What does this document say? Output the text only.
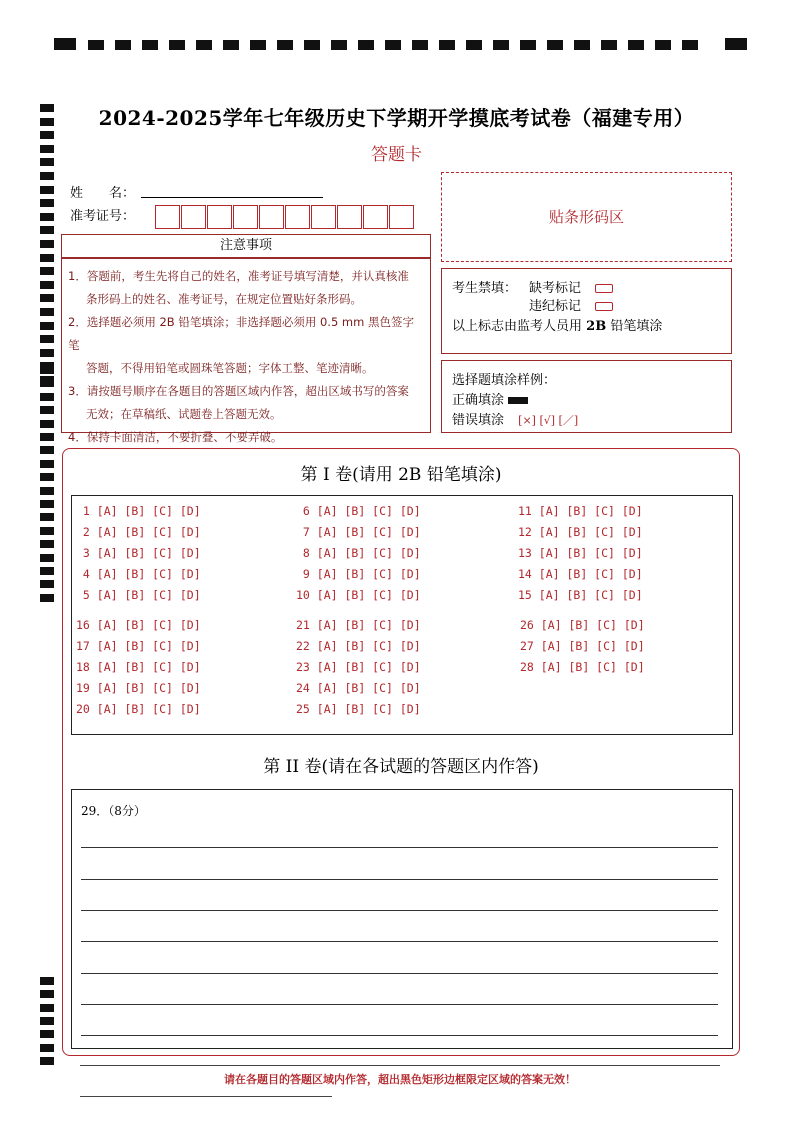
2024-2025学年七年级历史下学期开学摸底考试卷（福建专用）
答题卡
姓　　名：
准考证号：
注意事项

1．答题前，考生先将自己的姓名，准考证号填写清楚，并认真核准

条形码上的姓名、准考证号，在规定位置贴好条形码。

2．选择题必须用 2B 铅笔填涂；非选择题必须用 0.5 mm 黑色签字笔

答题，不得用铅笔或圆珠笔答题；字体工整、笔迹清晰。

3．请按题号顺序在各题目的答题区域内作答，超出区域书写的答案

无效；在草稿纸、试题卷上答题无效。

4．保持卡面清洁，不要折叠、不要弄破。

贴条形码区
考生禁填： 缺考标记
违纪标记
以上标志由监考人员用 2B 铅笔填涂
选择题填涂样例：
正确填涂
错误填涂 [×] [√] [／]
第 I 卷(请用 2B 铅笔填涂)
1 [A] [B] [C] [D]
2 [A] [B] [C] [D]
3 [A] [B] [C] [D]
4 [A] [B] [C] [D]
5 [A] [B] [C] [D]
6 [A] [B] [C] [D]
7 [A] [B] [C] [D]
8 [A] [B] [C] [D]
9 [A] [B] [C] [D]
10 [A] [B] [C] [D]
11 [A] [B] [C] [D]
12 [A] [B] [C] [D]
13 [A] [B] [C] [D]
14 [A] [B] [C] [D]
15 [A] [B] [C] [D]
16 [A] [B] [C] [D]
17 [A] [B] [C] [D]
18 [A] [B] [C] [D]
19 [A] [B] [C] [D]
20 [A] [B] [C] [D]
21 [A] [B] [C] [D]
22 [A] [B] [C] [D]
23 [A] [B] [C] [D]
24 [A] [B] [C] [D]
25 [A] [B] [C] [D]
26 [A] [B] [C] [D]
27 [A] [B] [C] [D]
28 [A] [B] [C] [D]
第 II 卷(请在各试题的答题区内作答)
29．（8分）
请在各题目的答题区域内作答，超出黑色矩形边框限定区域的答案无效！
